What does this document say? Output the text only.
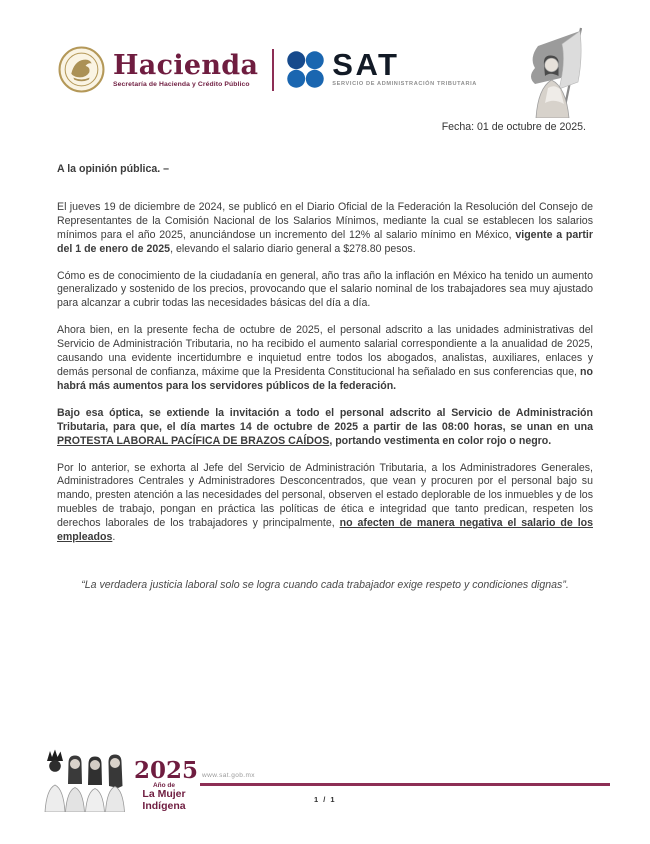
Hacienda
Secretaría de Hacienda y Crédito Público
SAT
SERVICIO DE ADMINISTRACIÓN TRIBUTARIA
Fecha: 01 de octubre de 2025.

A la opinión pública. –

El jueves 19 de diciembre de 2024, se publicó en el Diario Oficial de la Federación la Resolución del Consejo de Representantes de la Comisión Nacional de los Salarios Mínimos, mediante la cual se establecen los salarios mínimos para el año 2025, anunciándose un incremento del 12% al salario mínimo en México, vigente a partir del 1 de enero de 2025, elevando el salario diario general a $278.80 pesos.

Cómo es de conocimiento de la ciudadanía en general, año tras año la inflación en México ha tenido un aumento generalizado y sostenido de los precios, provocando que el salario nominal de los trabajadores sea muy ajustado para alcanzar a cubrir todas las necesidades básicas del día a día.

Ahora bien, en la presente fecha de octubre de 2025, el personal adscrito a las unidades administrativas del Servicio de Administración Tributaria, no ha recibido el aumento salarial correspondiente a la anualidad de 2025, causando una evidente incertidumbre e inquietud entre todos los abogados, analistas, auxiliares, enlaces y demás personal de confianza, máxime que la Presidenta Constitucional ha señalado en sus conferencias que, no habrá más aumentos para los servidores públicos de la federación.

Bajo esa óptica, se extiende la invitación a todo el personal adscrito al Servicio de Administración Tributaria, para que, el día martes 14 de octubre de 2025 a partir de las 08:00 horas, se unan en una PROTESTA LABORAL PACÍFICA DE BRAZOS CAÍDOS, portando vestimenta en color rojo o negro.

Por lo anterior, se exhorta al Jefe del Servicio de Administración Tributaria, a los Administradores Generales, Administradores Centrales y Administradores Desconcentrados, que vean y procuren por el personal bajo su mando, presten atención a las necesidades del personal, observen el estado deplorable de los inmuebles y de los muebles de trabajo, pongan en práctica las políticas de ética e integridad que tanto predican, respeten los derechos laborales de los trabajadores y principalmente, no afecten de manera negativa el salario de los empleados.

“La verdadera justicia laboral solo se logra cuando cada trabajador exige respeto y condiciones dignas”.

2025
Año de
La Mujer
Indígena
www.sat.gob.mx
1 / 1
